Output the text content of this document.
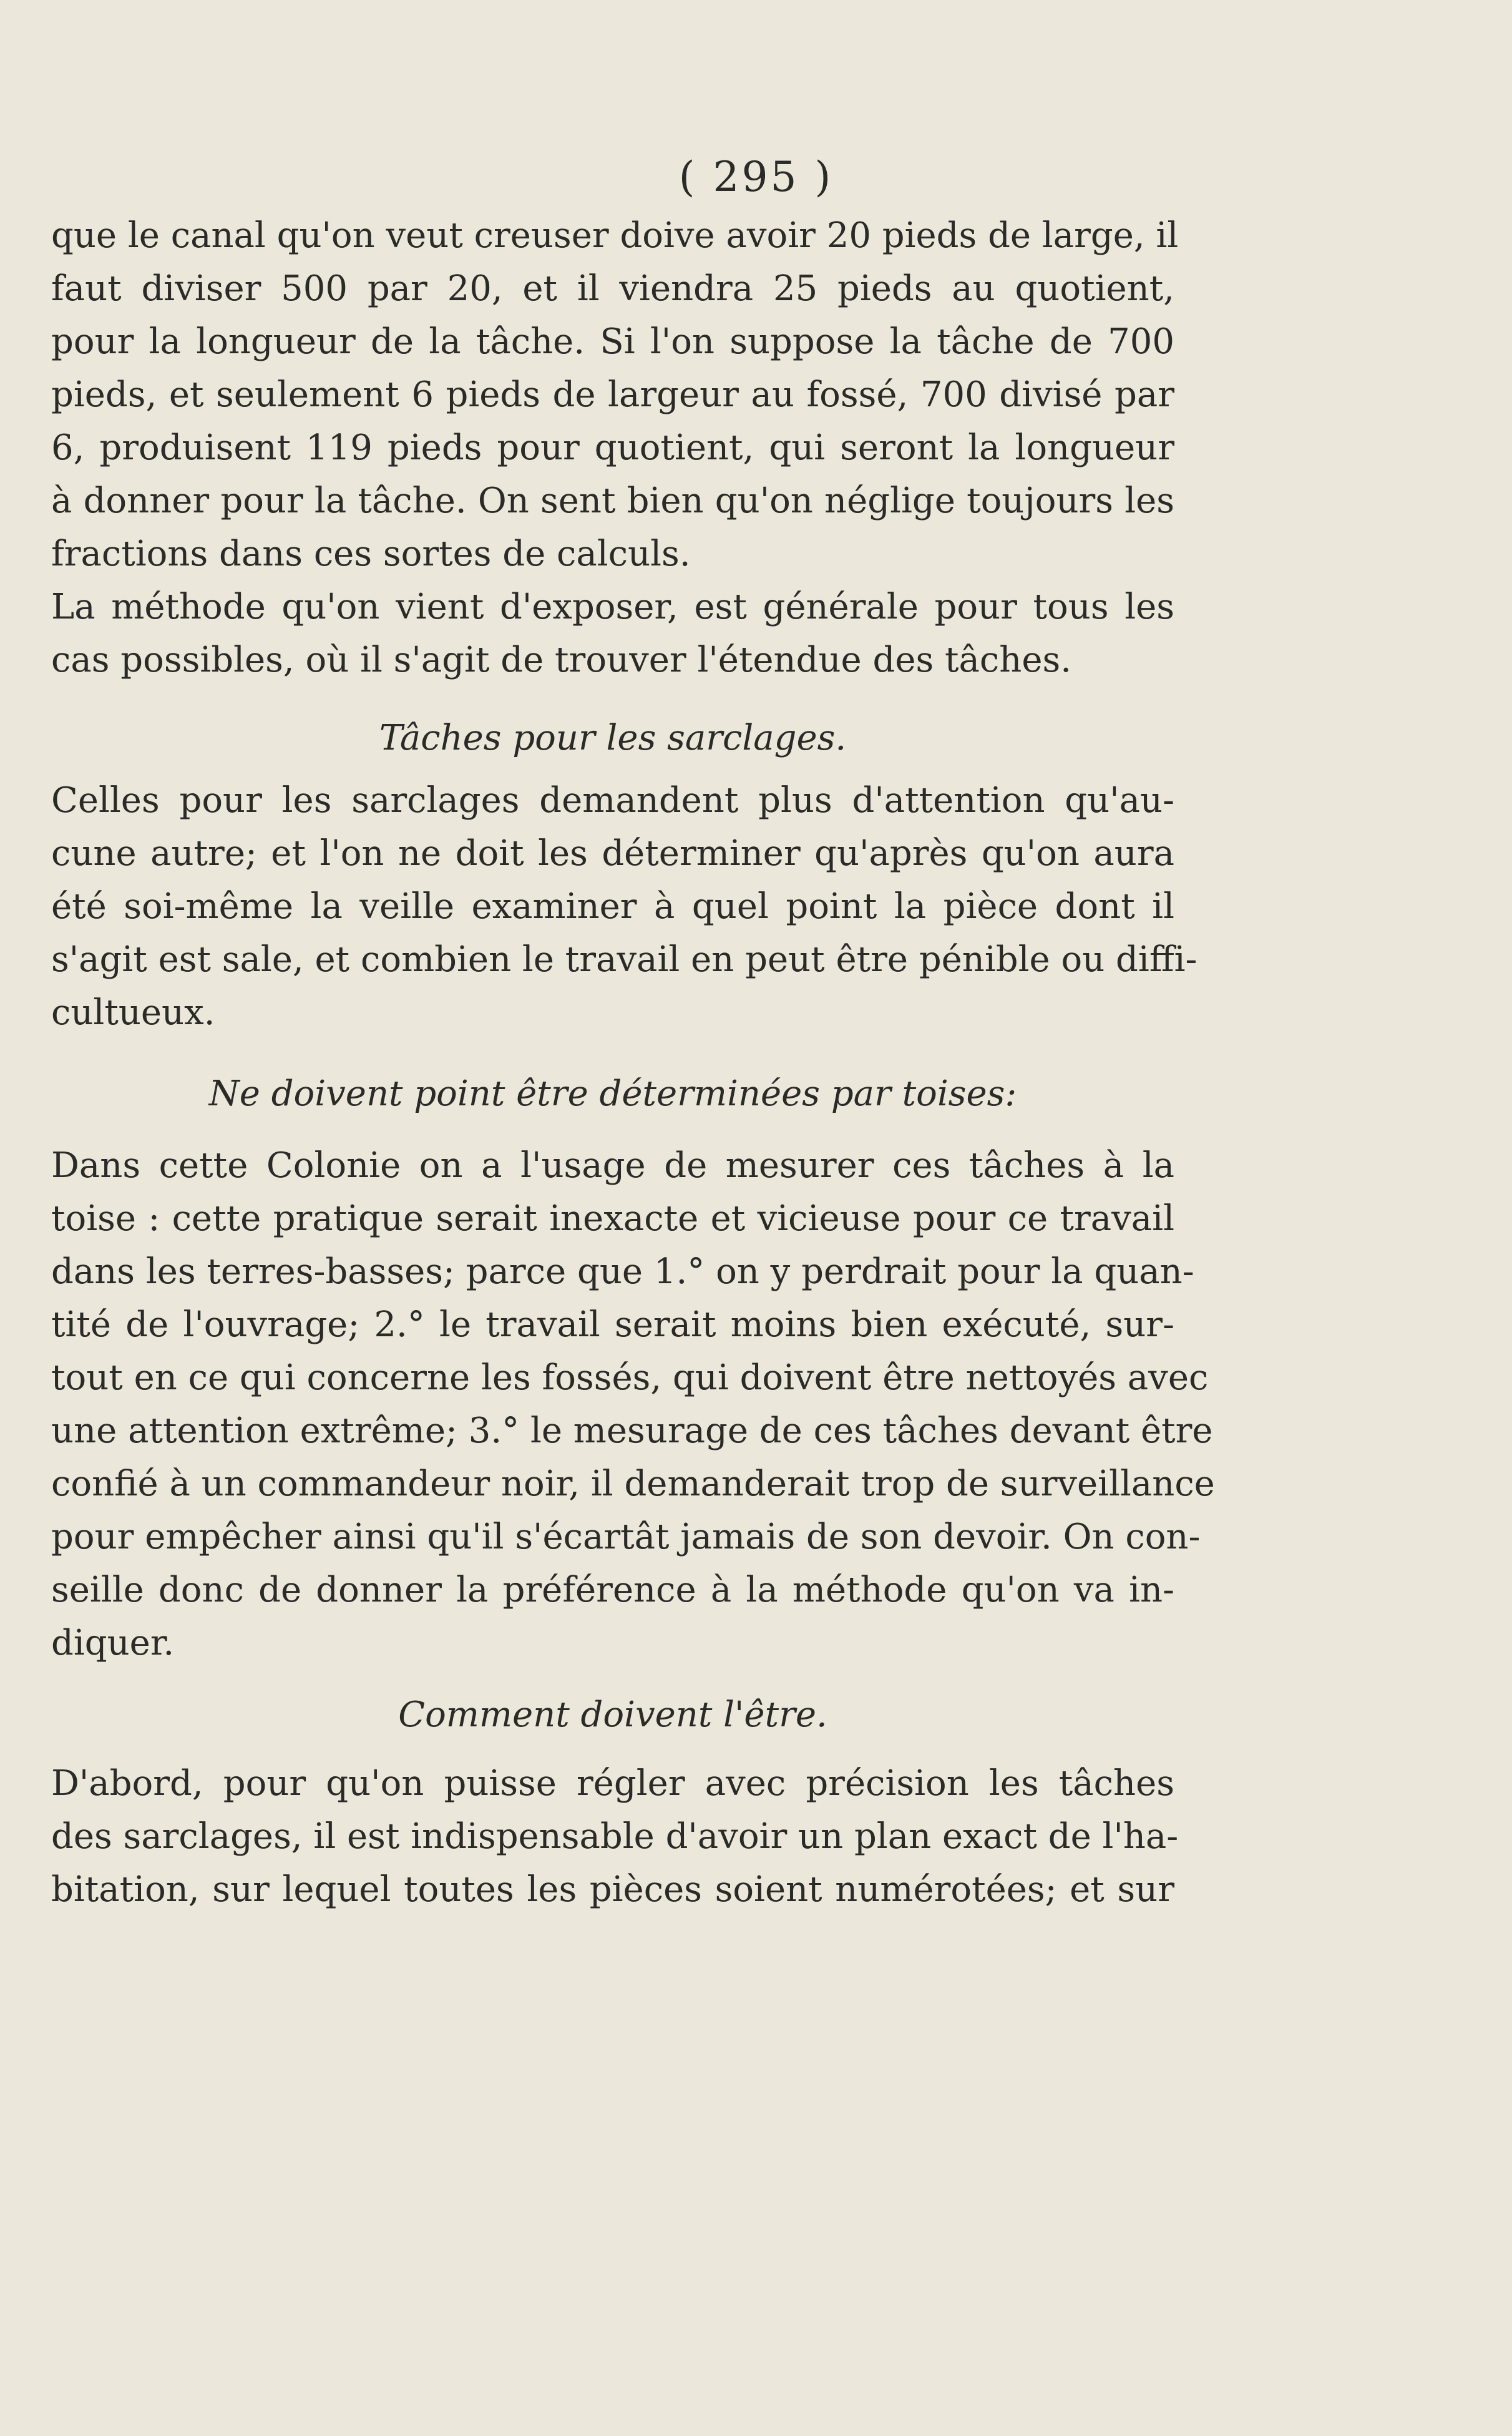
( 295 )

que le canal qu'on veut creuser doive avoir 20 pieds de large, il

faut diviser 500 par 20, et il viendra 25 pieds au quotient,

pour la longueur de la tâche. Si l'on suppose la tâche de 700

pieds, et seulement 6 pieds de largeur au fossé, 700 divisé par

6, produisent 119 pieds pour quotient, qui seront la longueur

à donner pour la tâche. On sent bien qu'on néglige toujours les

fractions dans ces sortes de calculs.

La méthode qu'on vient d'exposer, est générale pour tous les

cas possibles, où il s'agit de trouver l'étendue des tâches.

Tâches pour les sarclages.

Celles pour les sarclages demandent plus d'attention qu'au-

cune autre; et l'on ne doit les déterminer qu'après qu'on aura

été soi-même la veille examiner à quel point la pièce dont il

s'agit est sale, et combien le travail en peut être pénible ou diffi-

cultueux.

Ne doivent point être déterminées par toises:

Dans cette Colonie on a l'usage de mesurer ces tâches à la

toise : cette pratique serait inexacte et vicieuse pour ce travail

dans les terres-basses; parce que 1.° on y perdrait pour la quan-

tité de l'ouvrage; 2.° le travail serait moins bien exécuté, sur-

tout en ce qui concerne les fossés, qui doivent être nettoyés avec

une attention extrême; 3.° le mesurage de ces tâches devant être

confié à un commandeur noir, il demanderait trop de surveillance

pour empêcher ainsi qu'il s'écartât jamais de son devoir. On con-

seille donc de donner la préférence à la méthode qu'on va in-

diquer.

Comment doivent l'être.

D'abord, pour qu'on puisse régler avec précision les tâches

des sarclages, il est indispensable d'avoir un plan exact de l'ha-

bitation, sur lequel toutes les pièces soient numérotées; et sur
